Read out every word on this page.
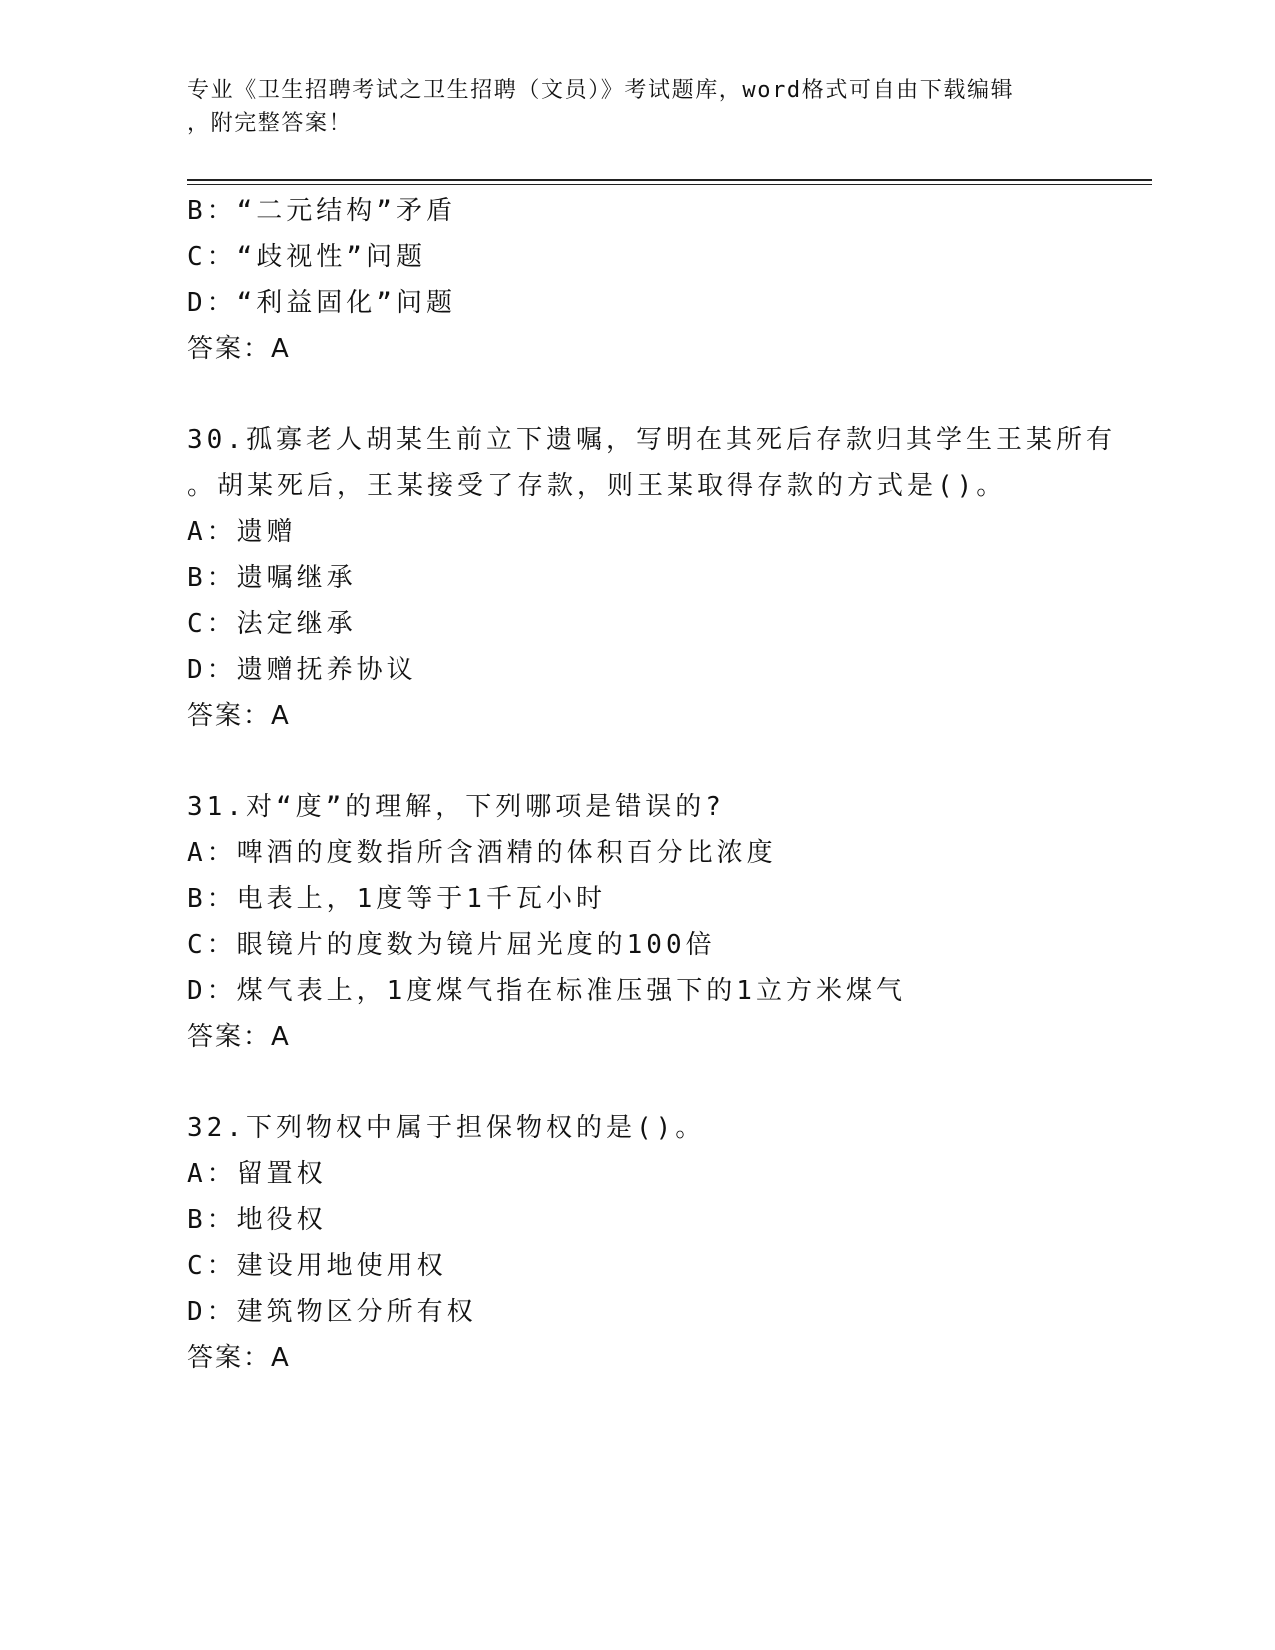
专业《卫生招聘考试之卫生招聘（文员）》考试题库，word格式可自由下载编辑
，附完整答案！
B：“二元结构”矛盾
C：“歧视性”问题
D：“利益固化”问题
答案：A
30.孤寡老人胡某生前立下遗嘱，写明在其死后存款归其学生王某所有
。胡某死后，王某接受了存款，则王某取得存款的方式是()。
A：遗赠
B：遗嘱继承
C：法定继承
D：遗赠抚养协议
答案：A
31.对“度”的理解，下列哪项是错误的?
A：啤酒的度数指所含酒精的体积百分比浓度
B：电表上，1度等于1千瓦小时
C：眼镜片的度数为镜片屈光度的100倍
D：煤气表上，1度煤气指在标准压强下的1立方米煤气
答案：A
32.下列物权中属于担保物权的是()。
A：留置权
B：地役权
C：建设用地使用权
D：建筑物区分所有权
答案：A
